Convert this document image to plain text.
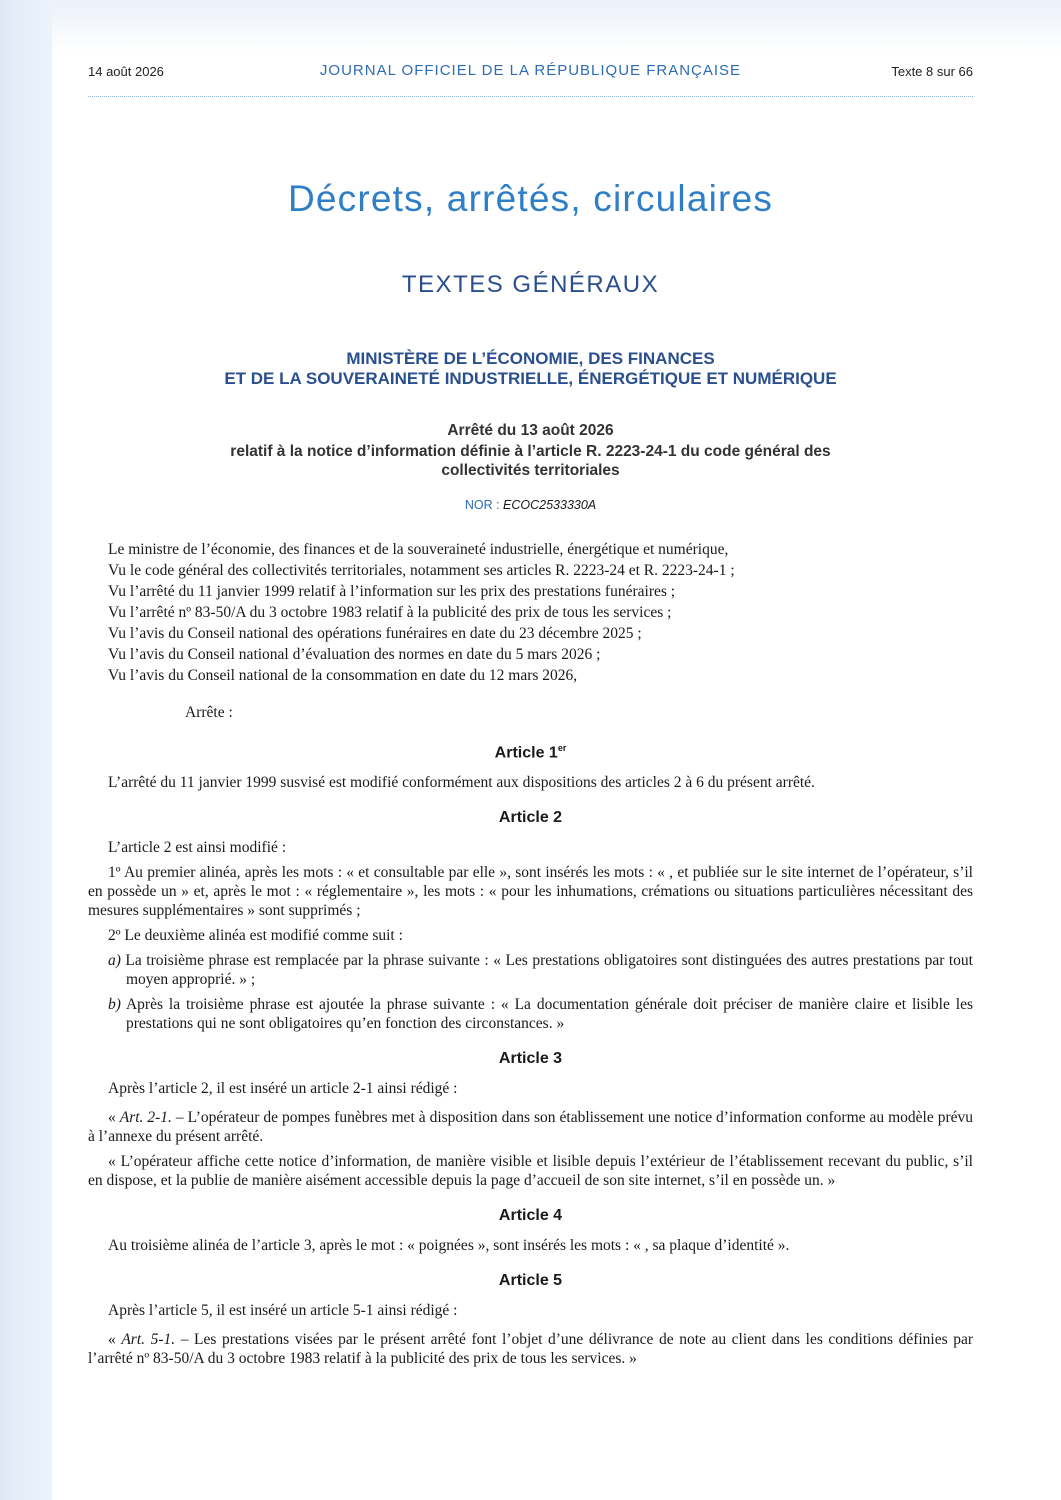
14 août 2026	JOURNAL OFFICIEL DE LA RÉPUBLIQUE FRANÇAISE	Texte 8 sur 66
Décrets, arrêtés, circulaires
TEXTES GÉNÉRAUX
MINISTÈRE DE L’ÉCONOMIE, DES FINANCES
ET DE LA SOUVERAINETÉ INDUSTRIELLE, ÉNERGÉTIQUE ET NUMÉRIQUE
Arrêté du 13 août 2026
relatif à la notice d’information définie à l’article R. 2223-24-1 du code général des
collectivités territoriales
NOR : ECOC2533330A

Le ministre de l’économie, des finances et de la souveraineté industrielle, énergétique et numérique,

Vu le code général des collectivités territoriales, notamment ses articles R. 2223-24 et R. 2223-24-1 ;

Vu l’arrêté du 11 janvier 1999 relatif à l’information sur les prix des prestations funéraires ;

Vu l’arrêté nº 83-50/A du 3 octobre 1983 relatif à la publicité des prix de tous les services ;

Vu l’avis du Conseil national des opérations funéraires en date du 23 décembre 2025 ;

Vu l’avis du Conseil national d’évaluation des normes en date du 5 mars 2026 ;

Vu l’avis du Conseil national de la consommation en date du 12 mars 2026,

Arrête :

Article 1er

L’arrêté du 11 janvier 1999 susvisé est modifié conformément aux dispositions des articles 2 à 6 du présent arrêté.

Article 2

L’article 2 est ainsi modifié :

1º Au premier alinéa, après les mots : « et consultable par elle », sont insérés les mots : « , et publiée sur le site internet de l’opérateur, s’il en possède un » et, après le mot : « réglementaire », les mots : « pour les inhumations, crémations ou situations particulières nécessitant des mesures supplémentaires » sont supprimés ;

2º Le deuxième alinéa est modifié comme suit :

a) La troisième phrase est remplacée par la phrase suivante : « Les prestations obligatoires sont distinguées des autres prestations par tout moyen approprié. » ;

b) Après la troisième phrase est ajoutée la phrase suivante : « La documentation générale doit préciser de manière claire et lisible les prestations qui ne sont obligatoires qu’en fonction des circonstances. »

Article 3

Après l’article 2, il est inséré un article 2-1 ainsi rédigé :

« Art. 2-1. – L’opérateur de pompes funèbres met à disposition dans son établissement une notice d’information conforme au modèle prévu à l’annexe du présent arrêté.

« L’opérateur affiche cette notice d’information, de manière visible et lisible depuis l’extérieur de l’établissement recevant du public, s’il en dispose, et la publie de manière aisément accessible depuis la page d’accueil de son site internet, s’il en possède un. »

Article 4

Au troisième alinéa de l’article 3, après le mot : « poignées », sont insérés les mots : « , sa plaque d’identité ».

Article 5

Après l’article 5, il est inséré un article 5-1 ainsi rédigé :

« Art. 5-1. – Les prestations visées par le présent arrêté font l’objet d’une délivrance de note au client dans les conditions définies par l’arrêté nº 83-50/A du 3 octobre 1983 relatif à la publicité des prix de tous les services. »
